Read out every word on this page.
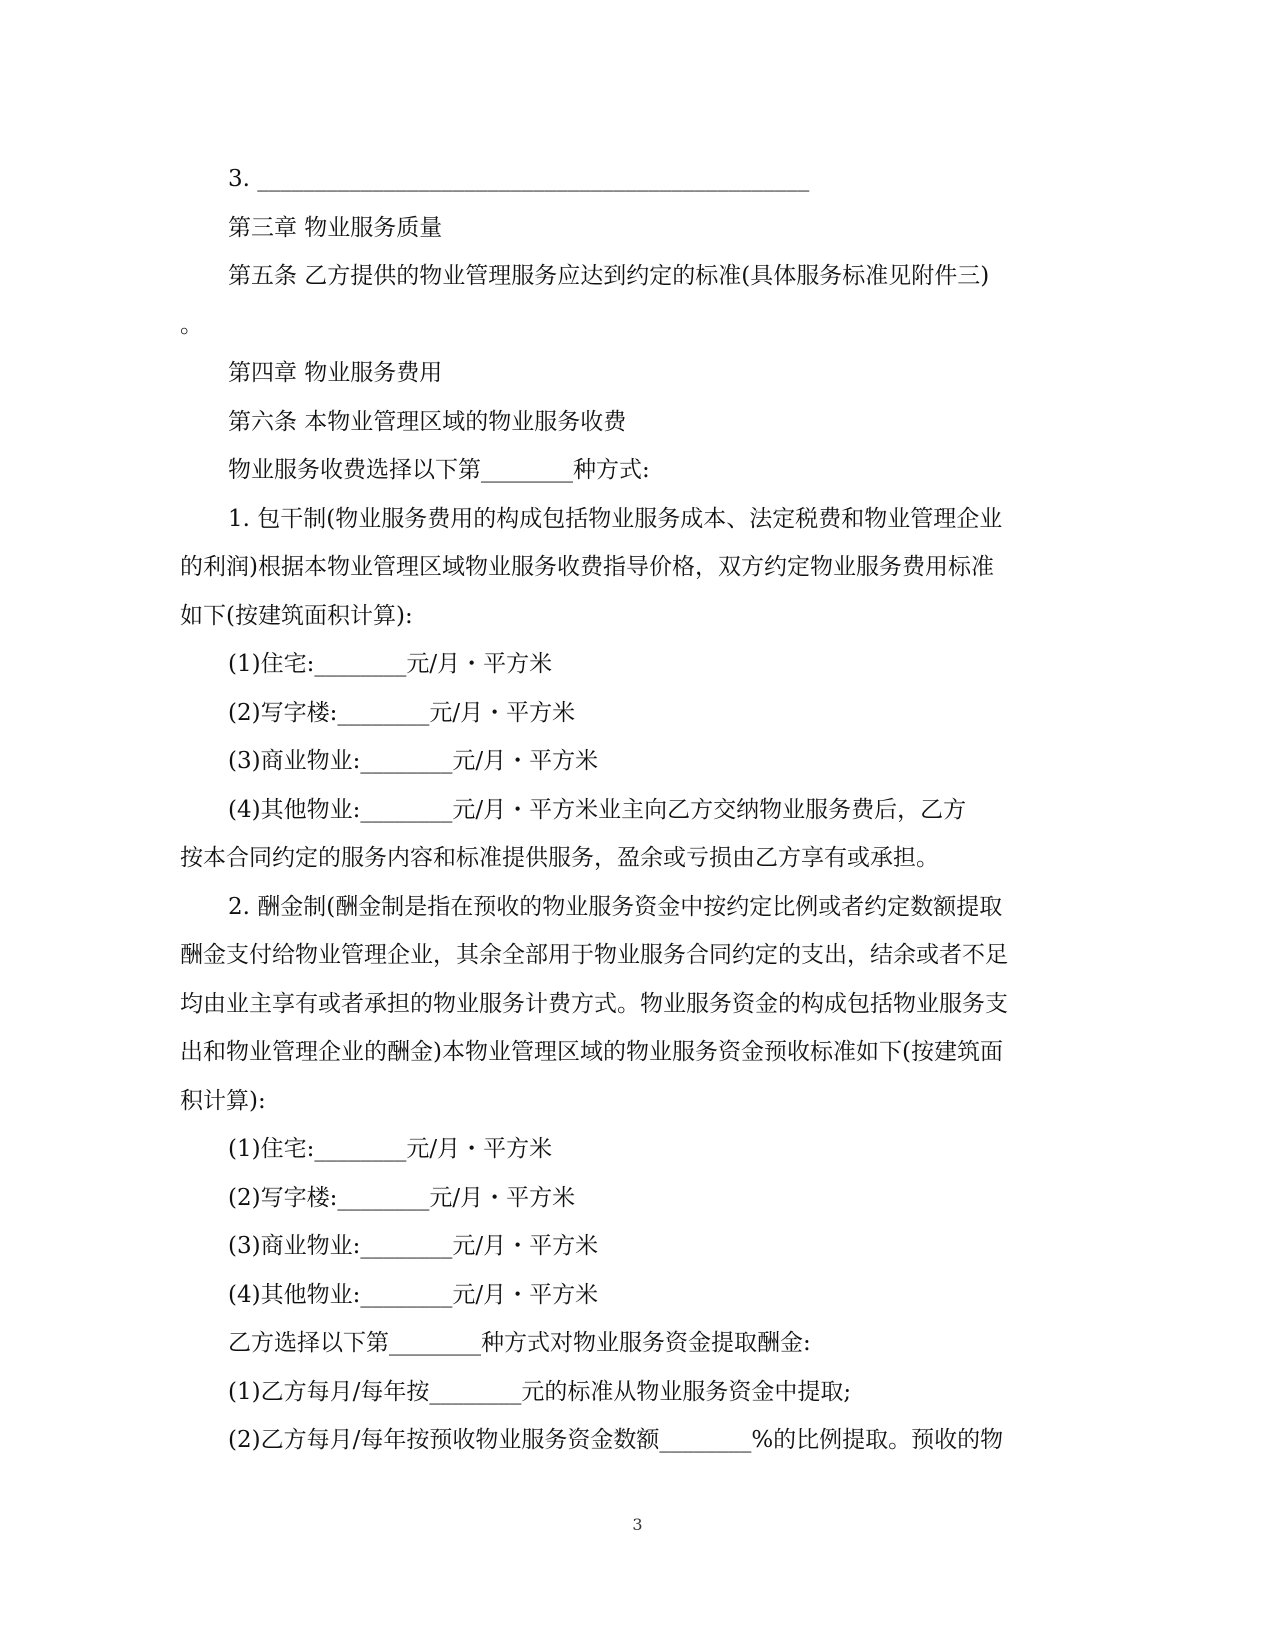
3. ________________________________________________
第三章 物业服务质量
第五条 乙方提供的物业管理服务应达到约定的标准(具体服务标准见附件三)
。
第四章 物业服务费用
第六条 本物业管理区域的物业服务收费
物业服务收费选择以下第________种方式:
1. 包干制(物业服务费用的构成包括物业服务成本、法定税费和物业管理企业
的利润)根据本物业管理区域物业服务收费指导价格，双方约定物业服务费用标准
如下(按建筑面积计算):
(1)住宅:________元/月・平方米
(2)写字楼:________元/月・平方米
(3)商业物业:________元/月・平方米
(4)其他物业:________元/月・平方米业主向乙方交纳物业服务费后，乙方
按本合同约定的服务内容和标准提供服务，盈余或亏损由乙方享有或承担。
2. 酬金制(酬金制是指在预收的物业服务资金中按约定比例或者约定数额提取
酬金支付给物业管理企业，其余全部用于物业服务合同约定的支出，结余或者不足
均由业主享有或者承担的物业服务计费方式。物业服务资金的构成包括物业服务支
出和物业管理企业的酬金)本物业管理区域的物业服务资金预收标准如下(按建筑面
积计算):
(1)住宅:________元/月・平方米
(2)写字楼:________元/月・平方米
(3)商业物业:________元/月・平方米
(4)其他物业:________元/月・平方米
乙方选择以下第________种方式对物业服务资金提取酬金:
(1)乙方每月/每年按________元的标准从物业服务资金中提取;
(2)乙方每月/每年按预收物业服务资金数额________%的比例提取。预收的物
3
